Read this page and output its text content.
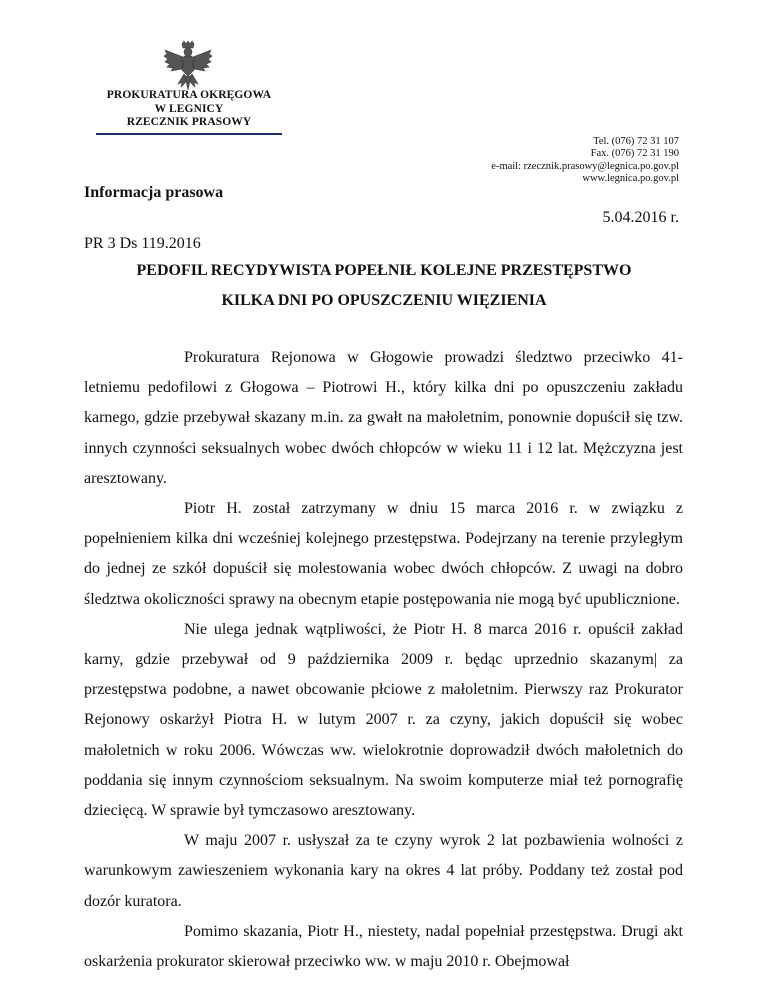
PROKURATURA OKRĘGOWA
W LEGNICY
RZECZNIK PRASOWY
Tel. (076) 72 31 107
Fax. (076) 72 31 190
e-mail: rzecznik.prasowy@legnica.po.gov.pl
www.legnica.po.gov.pl
Informacja prasowa
5.04.2016 r.
PR 3 Ds 119.2016
PEDOFIL RECYDYWISTA POPEŁNIŁ KOLEJNE PRZESTĘPSTWO
KILKA DNI PO OPUSZCZENIU WIĘZIENIA

Prokuratura Rejonowa w Głogowie prowadzi śledztwo przeciwko 41-letniemu pedofilowi z Głogowa – Piotrowi H., który kilka dni po opuszczeniu zakładu karnego, gdzie przebywał skazany m.in. za gwałt na małoletnim, ponownie dopuścił się tzw. innych czynności seksualnych wobec dwóch chłopców w wieku 11 i 12 lat. Mężczyzna jest aresztowany.

Piotr H. został zatrzymany w dniu 15 marca 2016 r. w związku z popełnieniem kilka dni wcześniej kolejnego przestępstwa. Podejrzany na terenie przyległym do jednej ze szkół dopuścił się molestowania wobec dwóch chłopców. Z uwagi na dobro śledztwa okoliczności sprawy na obecnym etapie postępowania nie mogą być upublicznione.

Nie ulega jednak wątpliwości, że Piotr H. 8 marca 2016 r. opuścił zakład karny, gdzie przebywał od 9 października 2009 r. będąc uprzednio skazanym| za przestępstwa podobne, a nawet obcowanie płciowe z małoletnim. Pierwszy raz Prokurator Rejonowy oskarżył Piotra H. w lutym 2007 r. za czyny, jakich dopuścił się wobec małoletnich w roku 2006. Wówczas ww. wielokrotnie doprowadził dwóch małoletnich do poddania się innym czynnościom seksualnym. Na swoim komputerze miał też pornografię dziecięcą. W sprawie był tymczasowo aresztowany.

W maju 2007 r. usłyszał za te czyny wyrok 2 lat pozbawienia wolności z warunkowym zawieszeniem wykonania kary na okres 4 lat próby. Poddany też został pod dozór kuratora.

Pomimo skazania, Piotr H., niestety, nadal popełniał przestępstwa. Drugi akt oskarżenia prokurator skierował przeciwko ww. w maju 2010 r. Obejmował
